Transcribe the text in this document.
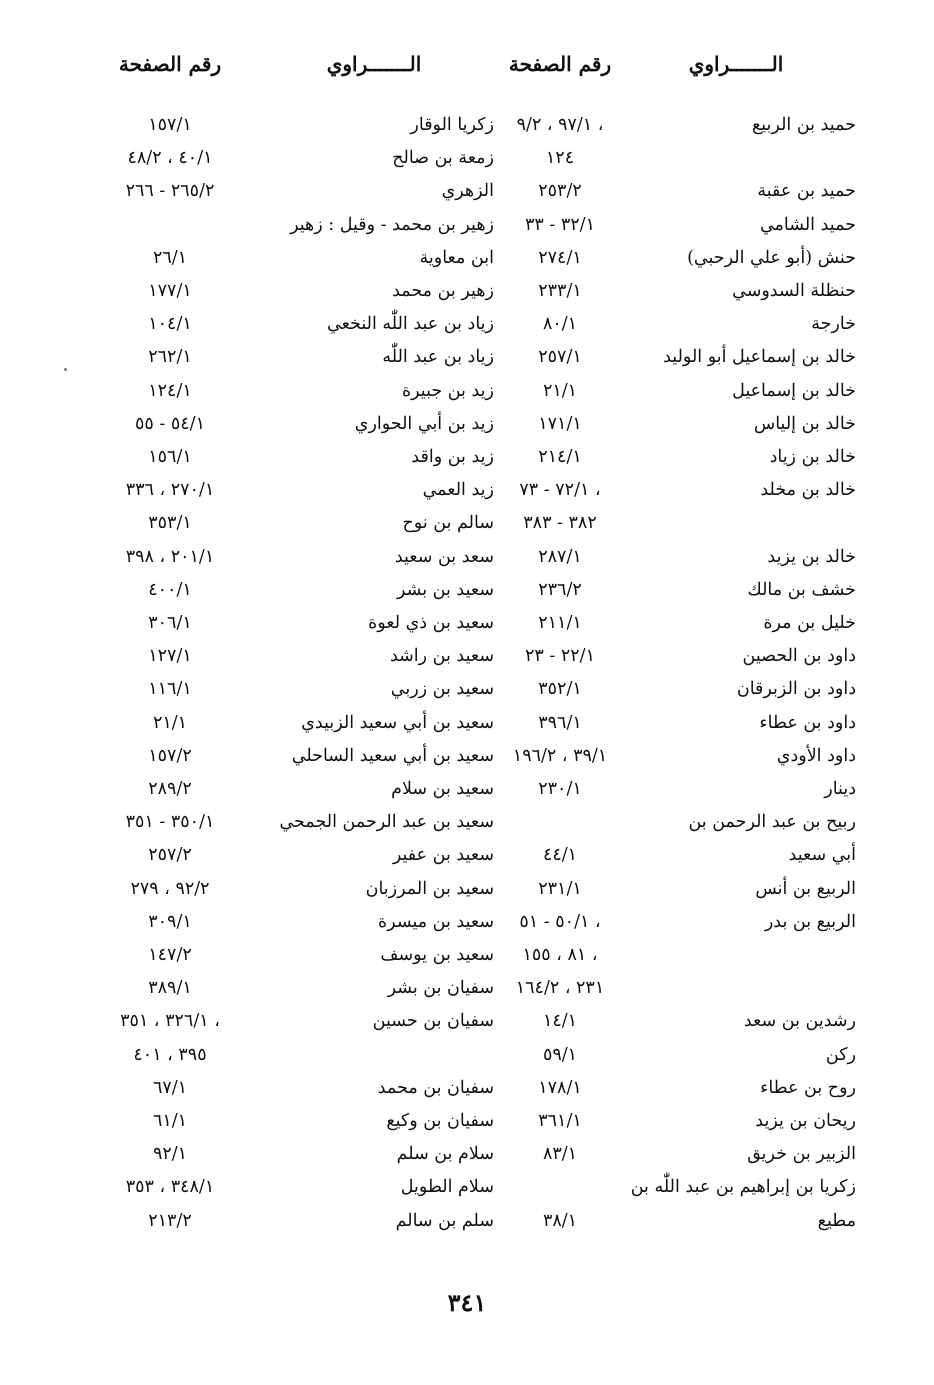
الـــــــراوي
رقم الصفحة
الـــــــراوي
رقم الصفحة
حميد بن الربيع
٩٧/١ ، ٩/٢ ،
زكريا الوقار
١٥٧/١
١٢٤
زمعة بن صالح
٤٠/١ ، ٤٨/٢
حميد بن عقبة
٢٥٣/٢
الزهري
٢٦٥/٢ - ٢٦٦
حميد الشامي
٣٢/١ - ٣٣
زهير بن محمد - وقيل : زهير
حنش (أبو علي الرحبي)
٢٧٤/١
ابن معاوية
٢٦/١
حنظلة السدوسي
٢٣٣/١
زهير بن محمد
١٧٧/١
خارجة
٨٠/١
زياد بن عبد اللّٰه النخعي
١٠٤/١
خالد بن إسماعيل أبو الوليد
٢٥٧/١
زياد بن عبد اللّٰه
٢٦٢/١
خالد بن إسماعيل
٢١/١
زيد بن جبيرة
١٢٤/١
خالد بن إلياس
١٧١/١
زيد بن أبي الحواري
٥٤/١ - ٥٥
خالد بن زياد
٢١٤/١
زيد بن واقد
١٥٦/١
خالد بن مخلد
٧٢/١ - ٧٣ ،
زيد العمي
٢٧٠/١ ، ٣٣٦
٣٨٢ - ٣٨٣
سالم بن نوح
٣٥٣/١
خالد بن يزيد
٢٨٧/١
سعد بن سعيد
٢٠١/١ ، ٣٩٨
خشف بن مالك
٢٣٦/٢
سعيد بن بشر
٤٠٠/١
خليل بن مرة
٢١١/١
سعيد بن ذي لعوة
٣٠٦/١
داود بن الحصين
٢٢/١ - ٢٣
سعيد بن راشد
١٢٧/١
داود بن الزبرقان
٣٥٢/١
سعيد بن زربي
١١٦/١
داود بن عطاء
٣٩٦/١
سعيد بن أبي سعيد الزبيدي
٢١/١
داود الأودي
٣٩/١ ، ١٩٦/٢
سعيد بن أبي سعيد الساحلي
١٥٧/٢
دينار
٢٣٠/١
سعيد بن سلام
٢٨٩/٢
ربيح بن عبد الرحمن بن
سعيد بن عبد الرحمن الجمحي
٣٥٠/١ - ٣٥١
أبي سعيد
٤٤/١
سعيد بن عفير
٢٥٧/٢
الربيع بن أنس
٢٣١/١
سعيد بن المرزبان
٩٢/٢ ، ٢٧٩
الربيع بن بدر
٥٠/١ - ٥١ ،
سعيد بن ميسرة
٣٠٩/١
٨١ ، ١٥٥ ،
سعيد بن يوسف
١٤٧/٢
٢٣١ ، ١٦٤/٢
سفيان بن بشر
٣٨٩/١
رشدين بن سعد
١٤/١
سفيان بن حسين
٣٢٦/١ ، ٣٥١ ،
ركن
٥٩/١
٣٩٥ ، ٤٠١
روح بن عطاء
١٧٨/١
سفيان بن محمد
٦٧/١
ريحان بن يزيد
٣٦١/١
سفيان بن وكيع
٦١/١
الزبير بن خريق
٨٣/١
سلام بن سلم
٩٢/١
زكريا بن إبراهيم بن عبد اللّٰه بن
سلام الطويل
٣٤٨/١ ، ٣٥٣
مطيع
٣٨/١
سلم بن سالم
٢١٣/٢
٣٤١
